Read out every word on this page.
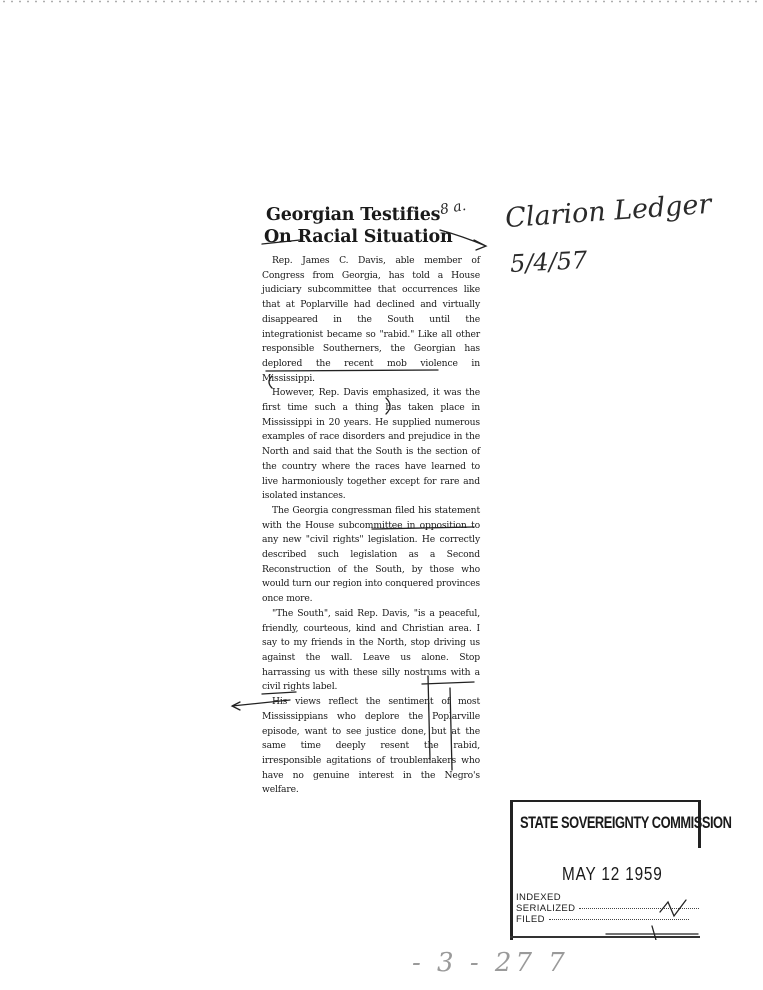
Georgian Testifies
On Racial Situation

Rep. James C. Davis, able member of Congress from Georgia, has told a House judiciary subcommittee that occurrences like that at Poplarville had declined and virtually disappeared in the South until the integrationist became so "rabid." Like all other responsible Southerners, the Georgian has deplored the recent mob violence in Mississippi.

However, Rep. Davis emphasized, it was the first time such a thing has taken place in Mississippi in 20 years. He supplied numerous examples of race disorders and prejudice in the North and said that the South is the section of the country where the races have learned to live harmoniously together except for rare and isolated instances.

The Georgia congressman filed his statement with the House subcommittee in opposition to any new "civil rights" legislation. He correctly described such legislation as a Second Reconstruction of the South, by those who would turn our region into conquered provinces once more.

"The South", said Rep. Davis, "is a peaceful, friendly, courteous, kind and Christian area. I say to my friends in the North, stop driving us against the wall. Leave us alone. Stop harrassing us with these silly nostrums with a civil rights label.

His views reflect the sentiment of most Mississippians who deplore the Poplarville episode, want to see justice done, but at the same time deeply resent the rabid, irresponsible agitations of troublemakers who have no genuine interest in the Negro's welfare.

Clarion Ledger
5/4/57
8 a.
STATE SOVEREIGNTY COMMISSION
MAY 12 1959
INDEXED
SERIALIZED
FILED
- 3 - 27 7
